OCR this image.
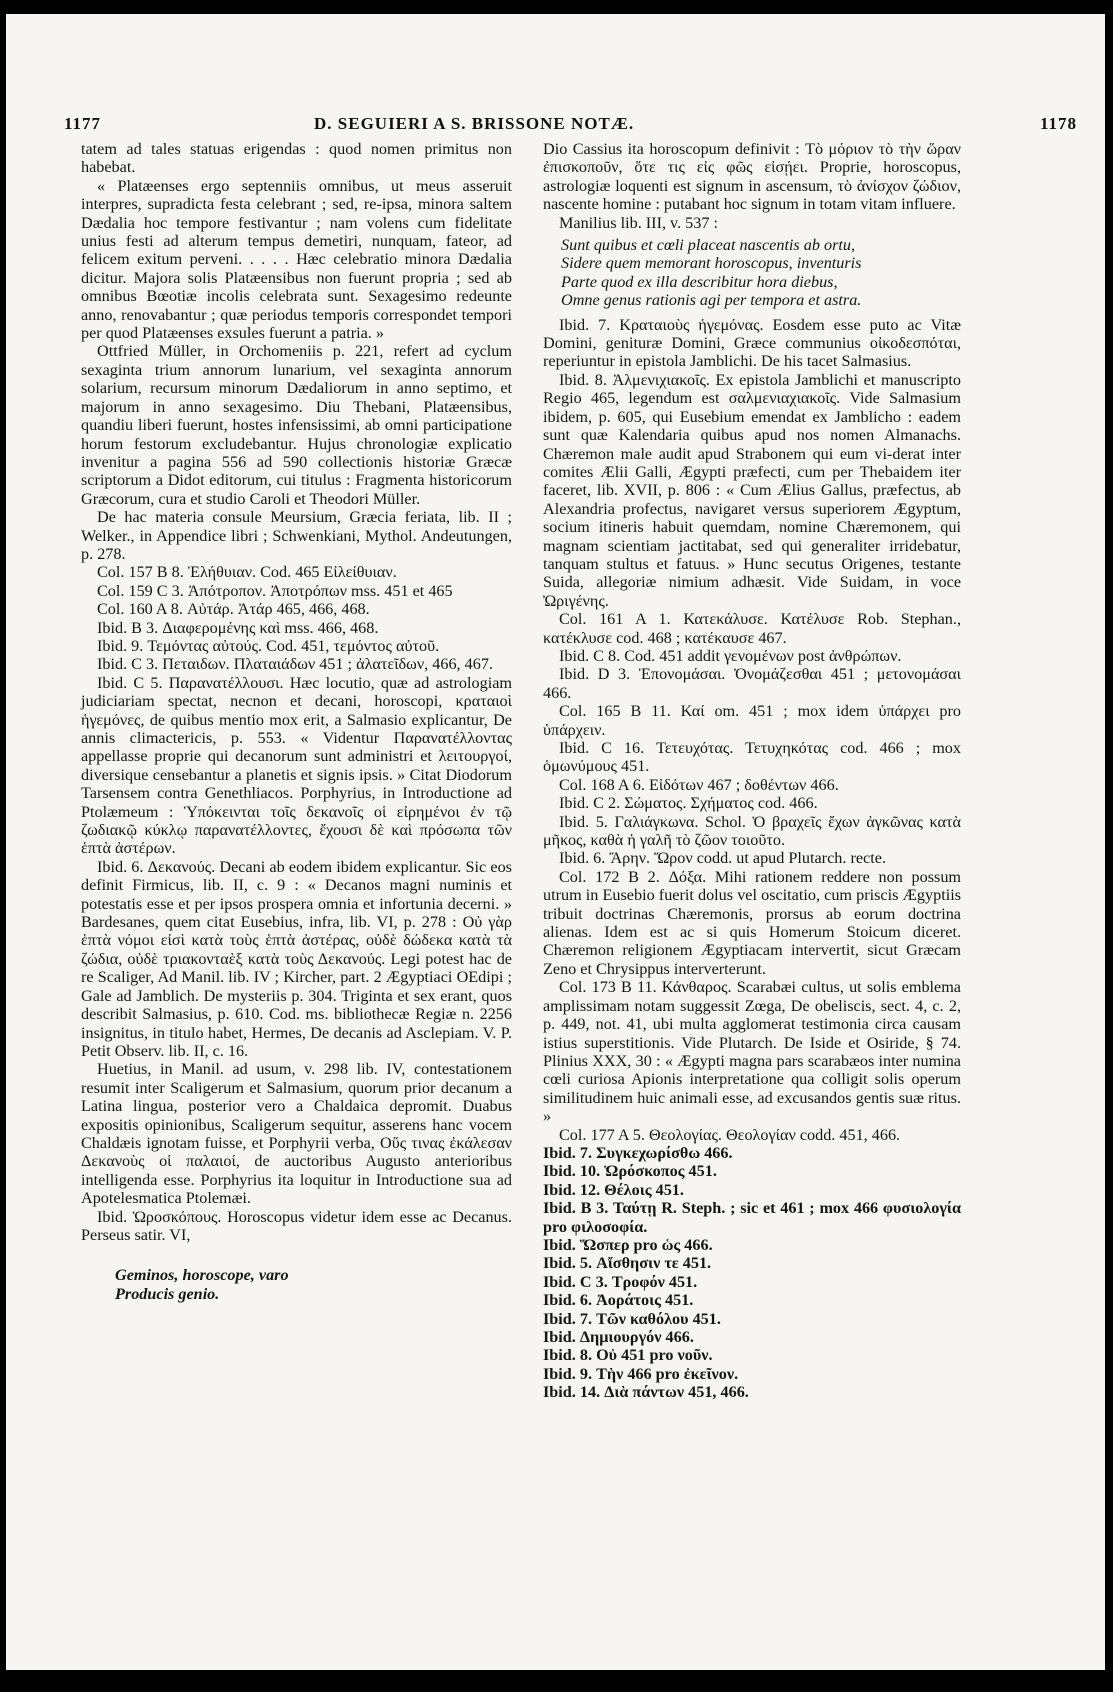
1177	D. SEGUIERI A S. BRISSONE NOTÆ.	1178

tatem ad tales statuas erigendas : quod nomen primitus non habebat.

« Platæenses ergo septenniis omnibus, ut meus asseruit interpres, supradicta festa celebrant ; sed, re-ipsa, minora saltem Dædalia hoc tempore festivantur ; nam volens cum fidelitate unius festi ad alterum tempus demetiri, nunquam, fateor, ad felicem exitum perveni. . . . . Hæc celebratio minora Dædalia dicitur. Majora solis Platæensibus non fuerunt propria ; sed ab omnibus Bœotiæ incolis celebrata sunt. Sexagesimo redeunte anno, renovabantur ; quæ periodus temporis correspondet tempori per quod Platæenses exsules fuerunt a patria. »

Ottfried Müller, in Orchomeniis p. 221, refert ad cyclum sexaginta trium annorum lunarium, vel sexaginta annorum solarium, recursum minorum Dædaliorum in anno septimo, et majorum in anno sexagesimo. Diu Thebani, Platæensibus, quandiu liberi fuerunt, hostes infensissimi, ab omni participatione horum festorum excludebantur. Hujus chronologiæ explicatio invenitur a pagina 556 ad 590 collectionis historiæ Græcæ scriptorum a Didot editorum, cui titulus : Fragmenta historicorum Græcorum, cura et studio Caroli et Theodori Müller.

De hac materia consule Meursium, Græcia feriata, lib. II ; Welker., in Appendice libri ; Schwenkiani, Mythol. Andeutungen, p. 278.

Col. 157 B 8. Ἐλήθυιαν. Cod. 465 Εἰλείθυιαν.

Col. 159 C 3. Ἀπότροπον. Ἀποτρόπων mss. 451 et 465

Col. 160 A 8. Αὐτάρ. Ἀτάρ 465, 466, 468.

Ibid. B 3. Διαφερομένης καὶ mss. 466, 468.

Ibid. 9. Τεμόντας αὐτούς. Cod. 451, τεμόντος αὐτοῦ.

Ibid. C 3. Πεταιδων. Πλαταιάδων 451 ; ἀλατεῖδων, 466, 467.

Ibid. C 5. Παρανατέλλουσι. Hæc locutio, quæ ad astrologiam judiciariam spectat, necnon et decani, horoscopi, κραταιοὶ ἡγεμόνες, de quibus mentio mox erit, a Salmasio explicantur, De annis climactericis, p. 553. « Videntur Παρανατέλλοντας appellasse proprie qui decanorum sunt administri et λειτουργοί, diversique censebantur a planetis et signis ipsis. » Citat Diodorum Tarsensem contra Genethliacos. Porphyrius, in Introductione ad Ptolæmeum : Ὑπόκεινται τοῖς δεκανοῖς οἱ εἰρημένοι ἐν τῷ ζωδιακῷ κύκλῳ παρανατέλλοντες, ἔχουσι δὲ καὶ πρόσωπα τῶν ἑπτὰ ἀστέρων.

Ibid. 6. Δεκανούς. Decani ab eodem ibidem explicantur. Sic eos definit Firmicus, lib. II, c. 9 : « Decanos magni numinis et potestatis esse et per ipsos prospera omnia et infortunia decerni. » Bardesanes, quem citat Eusebius, infra, lib. VI, p. 278 : Οὐ γὰρ ἑπτὰ νόμοι εἰσὶ κατὰ τοὺς ἑπτὰ ἀστέρας, οὐδὲ δώδεκα κατὰ τὰ ζώδια, οὐδὲ τριακονταὲξ κατὰ τοὺς Δεκανούς. Legi potest hac de re Scaliger, Ad Manil. lib. IV ; Kircher, part. 2 Ægyptiaci OEdipi ; Gale ad Jamblich. De mysteriis p. 304. Triginta et sex erant, quos describit Salmasius, p. 610. Cod. ms. bibliothecæ Regiæ n. 2256 insignitus, in titulo habet, Hermes, De decanis ad Asclepiam. V. P. Petit Observ. lib. II, c. 16.

Huetius, in Manil. ad usum, v. 298 lib. IV, contestationem resumit inter Scaligerum et Salmasium, quorum prior decanum a Latina lingua, posterior vero a Chaldaica depromit. Duabus expositis opinionibus, Scaligerum sequitur, asserens hanc vocem Chaldæis ignotam fuisse, et Porphyrii verba, Οὕς τινας ἐκάλεσαν Δεκανοὺς οἱ παλαιοί, de auctoribus Augusto anterioribus intelligenda esse. Porphyrius ita loquitur in Introductione sua ad Apotelesmatica Ptolemæi.

Ibid. Ὡροσκόπους. Horoscopus videtur idem esse ac Decanus. Perseus satir. VI,

Geminos, horoscope, varo
Producis genio.

Dio Cassius ita horoscopum definivit : Τὸ μόριον τὸ τὴν ὥραν ἐπισκοποῦν, ὅτε τις εἰς φῶς εἰσῄει. Proprie, horoscopus, astrologiæ loquenti est signum in ascensum, τὸ ἀνίσχον ζώδιον, nascente homine : putabant hoc signum in totam vitam influere.

Manilius lib. III, v. 537 :

Sunt quibus et cœli placeat nascentis ab ortu,
Sidere quem memorant horoscopus, inventuris
Parte quod ex illa describitur hora diebus,
Omne genus rationis agi per tempora et astra.

Ibid. 7. Κραταιοὺς ἡγεμόνας. Eosdem esse puto ac Vitæ Domini, genituræ Domini, Græce communius οἰκοδεσπόται, reperiuntur in epistola Jamblichi. De his tacet Salmasius.

Ibid. 8. Ἀλμενιχιακοῖς. Ex epistola Jamblichi et manuscripto Regio 465, legendum est σαλμενιαχιακοῖς. Vide Salmasium ibidem, p. 605, qui Eusebium emendat ex Jamblicho : eadem sunt quæ Kalendaria quibus apud nos nomen Almanachs. Chæremon male audit apud Strabonem qui eum vi-derat inter comites Ælii Galli, Ægypti præfecti, cum per Thebaidem iter faceret, lib. XVII, p. 806 : « Cum Ælius Gallus, præfectus, ab Alexandria profectus, navigaret versus superiorem Ægyptum, socium itineris habuit quemdam, nomine Chæremonem, qui magnam scientiam jactitabat, sed qui generaliter irridebatur, tanquam stultus et fatuus. » Hunc secutus Origenes, testante Suida, allegoriæ nimium adhæsit. Vide Suidam, in voce Ὠριγένης.

Col. 161 A 1. Κατεκάλυσε. Κατέλυσε Rob. Stephan., κατέκλυσε cod. 468 ; κατέκαυσε 467.

Ibid. C 8. Cod. 451 addit γενομένων post ἀνθρώπων.

Ibid. D 3. Ἐπονομάσαι. Ὀνομάζεσθαι 451 ; μετονομάσαι 466.

Col. 165 B 11. Καί om. 451 ; mox idem ὑπάρχει pro ὑπάρχειν.

Ibid. C 16. Τετευχότας. Τετυχηκότας cod. 466 ; mox ὁμωνύμους 451.

Col. 168 A 6. Εἰδότων 467 ; δοθέντων 466.

Ibid. C 2. Σώματος. Σχήματος cod. 466.

Ibid. 5. Γαλιάγκωνα. Schol. Ὁ βραχεῖς ἔχων ἀγκῶνας κατὰ μῆκος, καθὰ ἡ γαλῆ τὸ ζῶον τοιοῦτο.

Ibid. 6. Ἄρην. Ὥρον codd. ut apud Plutarch. recte.

Col. 172 B 2. Δόξα. Mihi rationem reddere non possum utrum in Eusebio fuerit dolus vel oscitatio, cum priscis Ægyptiis tribuit doctrinas Chæremonis, prorsus ab eorum doctrina alienas. Idem est ac si quis Homerum Stoicum diceret. Chæremon religionem Ægyptiacam intervertit, sicut Græcam Zeno et Chrysippus interverterunt.

Col. 173 B 11. Κάνθαρος. Scarabæi cultus, ut solis emblema amplissimam notam suggessit Zœga, De obeliscis, sect. 4, c. 2, p. 449, not. 41, ubi multa agglomerat testimonia circa causam istius superstitionis. Vide Plutarch. De Iside et Osiride, § 74. Plinius XXX, 30 : « Ægypti magna pars scarabæos inter numina cœli curiosa Apionis interpretatione qua colligit solis operum similitudinem huic animali esse, ad excusandos gentis suæ ritus. »

Col. 177 A 5. Θεολογίας. Θεολογίαν codd. 451, 466.

Ibid. 7. Συγκεχωρίσθω 466.

Ibid. 10. Ὡρόσκοπος 451.

Ibid. 12. Θέλοις 451.

Ibid. B 3. Ταύτῃ R. Steph. ; sic et 461 ; mox 466 φυσιολογία pro φιλοσοφία.

Ibid. Ὥσπερ pro ὡς 466.

Ibid. 5. Αἴσθησιν τε 451.

Ibid. C 3. Τροφόν 451.

Ibid. 6. Ἀοράτοις 451.

Ibid. 7. Τῶν καθόλου 451.

Ibid. Δημιουργόν 466.

Ibid. 8. Οὐ 451 pro νοῦν.

Ibid. 9. Τὴν 466 pro ἐκεῖνον.

Ibid. 14. Διὰ πάντων 451, 466.
